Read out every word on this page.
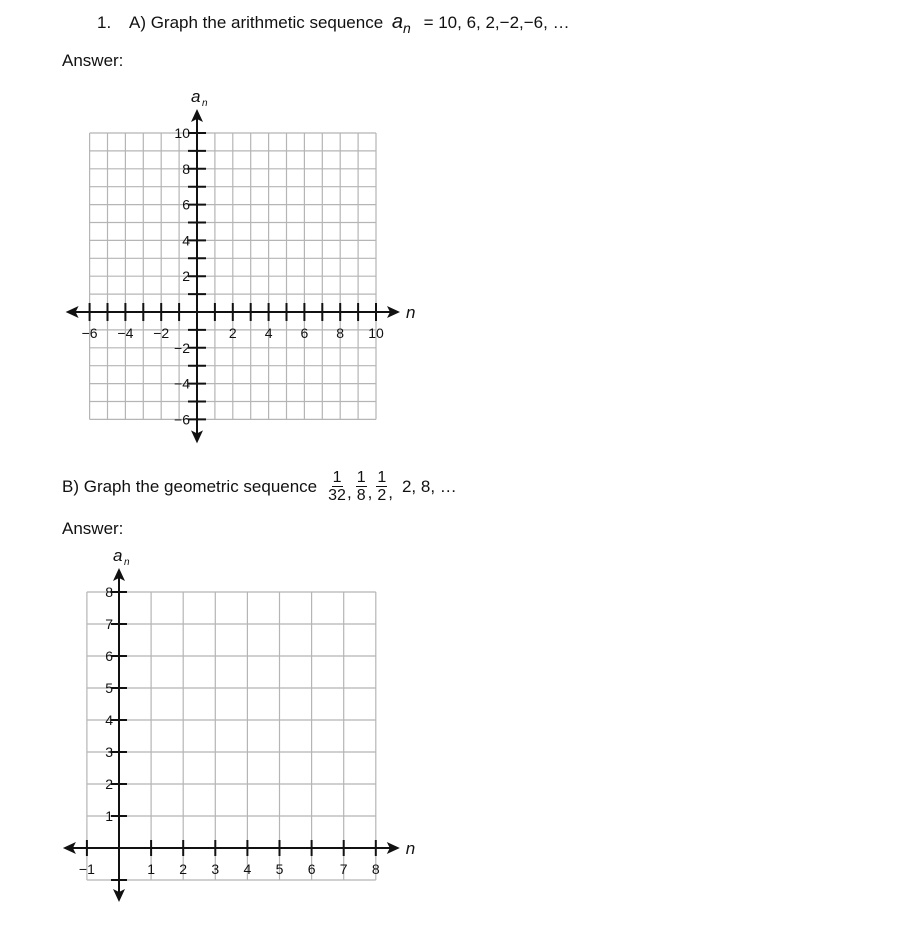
1. A) Graph the arithmetic sequence $a_n = 10$, 6, 2,−2,−6, …
Answer:
−6 −4 −2	2 4 6 8 10
10
8
6
4
2
−2
−4
−6
n
a n
−1	1 2 3 4 5 6 7 8
8
7
6
5
4
3
2
1
n
a n
B) Graph the geometric sequence $\frac{1}{32}$ , $\frac{1}{8}$ , $\frac{1}{2}$ , 2, 8, …
Answer:
